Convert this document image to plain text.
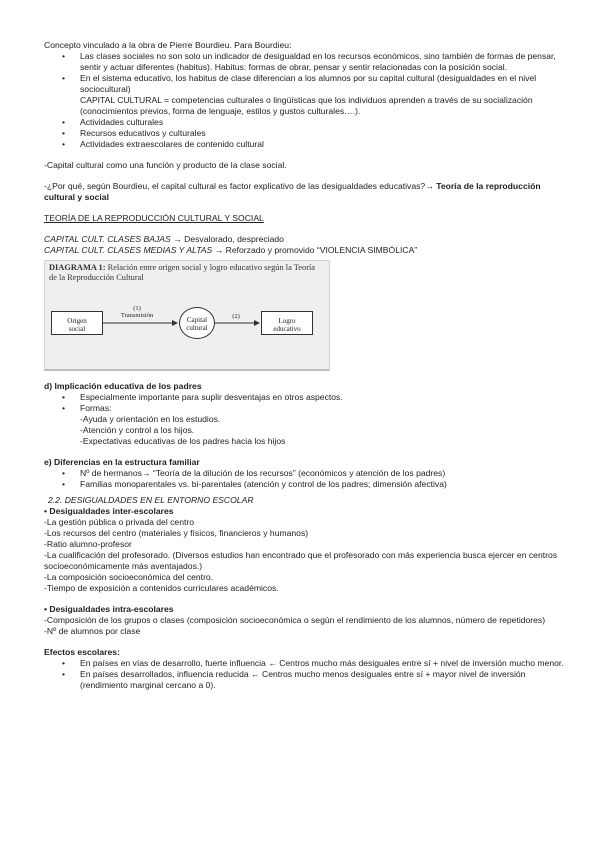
Concepto vinculado a la obra de Pierre Bourdieu. Para Bourdieu:

• Las clases sociales no son solo un indicador de desigualdad en los recursos económicos, sino también de formas de pensar, sentir y actuar diferentes (habitus). Habitus: formas de obrar, pensar y sentir relacionadas con la posición social.

• En el sistema educativo, los habitus de clase diferencian a los alumnos por su capital cultural (desigualdades en el nivel sociocultural)

CAPITAL CULTURAL = competencias culturales o lingüísticas que los individuos aprenden a través de su socialización (conocimientos previos, forma de lenguaje, estilos y gustos culturales….).

• Actividades culturales

• Recursos educativos y culturales

• Actividades extraescolares de contenido cultural

-Capital cultural como una función y producto de la clase social.

-¿Por qué, según Bourdieu, el capital cultural es factor explicativo de las desigualdades educativas?→ Teoría de la reproducción cultural y social

TEORÍA DE LA REPRODUCCIÓN CULTURAL Y SOCIAL

CAPITAL CULT. CLASES BAJAS → Desvalorado, despreciado

CAPITAL CULT. CLASES MEDIAS Y ALTAS → Reforzado y promovido “VIOLENCIA SIMBÓLICA”

DIAGRAMA 1: Relación entre origen social y logro educativo según la Teoría de la Reproducción Cultural
Origen
social
(1)
Transmisión
Capital
cultural
(2)
Logro
educativo

d) Implicación educativa de los padres

• Especialmente importante para suplir desventajas en otros aspectos.

• Formas:

-Ayuda y orientación en los estudios.

-Atención y control a los hijos.

-Expectativas educativas de los padres hacia los hijos

e) Diferencias en la estructura familiar

• Nº de hermanos→ “Teoría de la dilución de los recursos” (económicos y atención de los padres)

• Familias monoparentales vs. bi-parentales (atención y control de los padres; dimensión afectiva)

2.2. DESIGUALDADES EN EL ENTORNO ESCOLAR

• Desigualdades inter-escolares

-La gestión pública o privada del centro

-Los recursos del centro (materiales y físicos, financieros y humanos)

-Ratio alumno-profesor

-La cualificación del profesorado. (Diversos estudios han encontrado que el profesorado con más experiencia busca ejercer en centros socioeconómicamente más aventajados.)

-La composición socioeconómica del centro.

-Tiempo de exposición a contenidos curriculares académicos.

• Desigualdades intra-escolares

-Composición de los grupos o clases (composición socioeconómica o según el rendimiento de los alumnos, número de repetidores)

-Nº de alumnos por clase

Efectos escolares:

• En países en vías de desarrollo, fuerte influencia ← Centros mucho más desiguales entre sí + nivel de inversión mucho menor.

• En países desarrollados, influencia reducida ← Centros mucho menos desiguales entre sí + mayor nivel de inversión (rendimiento marginal cercano a 0).
